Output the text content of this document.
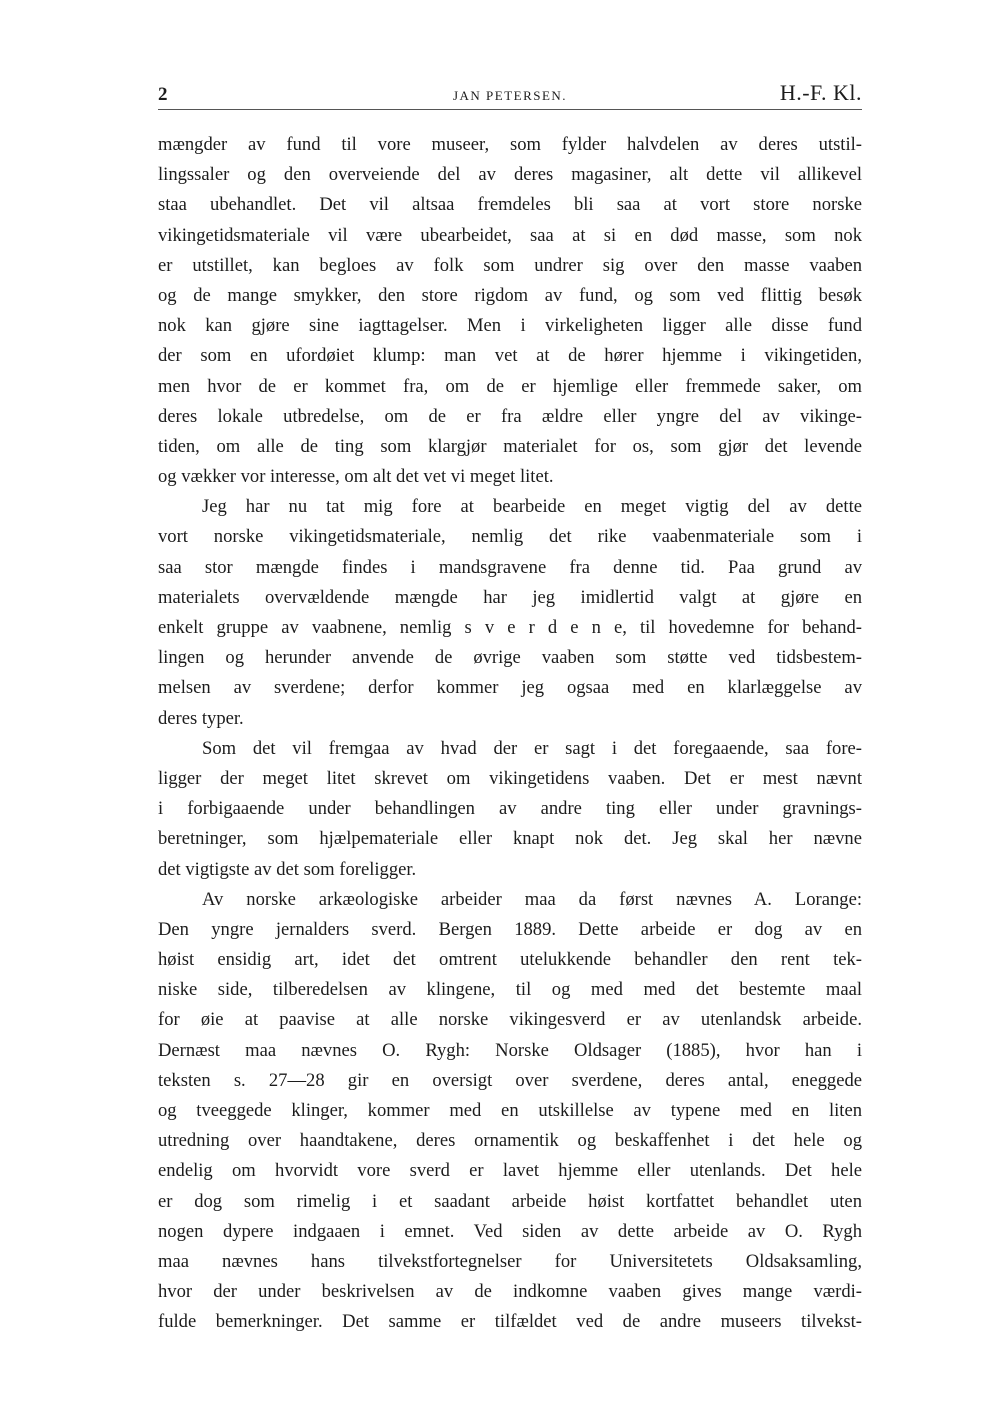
2	JAN PETERSEN.	H.-F. Kl.
mængder av fund til vore museer, som fylder halvdelen av deres utstil-
lingssaler og den overveiende del av deres magasiner, alt dette vil allikevel
staa ubehandlet. Det vil altsaa fremdeles bli saa at vort store norske
vikingetidsmateriale vil være ubearbeidet, saa at si en død masse, som nok
er utstillet, kan begloes av folk som undrer sig over den masse vaaben
og de mange smykker, den store rigdom av fund, og som ved flittig besøk
nok kan gjøre sine iagttagelser. Men i virkeligheten ligger alle disse fund
der som en ufordøiet klump: man vet at de hører hjemme i vikingetiden,
men hvor de er kommet fra, om de er hjemlige eller fremmede saker, om
deres lokale utbredelse, om de er fra ældre eller yngre del av vikinge-
tiden, om alle de ting som klargjør materialet for os, som gjør det levende
og vækker vor interesse, om alt det vet vi meget litet.
Jeg har nu tat mig fore at bearbeide en meget vigtig del av dette
vort norske vikingetidsmateriale, nemlig det rike vaabenmateriale som i
saa stor mængde findes i mandsgravene fra denne tid. Paa grund av
materialets overvældende mængde har jeg imidlertid valgt at gjøre en
enkelt gruppe av vaabnene, nemlig s v e r d e n e, til hovedemne for behand-
lingen og herunder anvende de øvrige vaaben som støtte ved tidsbestem-
melsen av sverdene; derfor kommer jeg ogsaa med en klarlæggelse av
deres typer.
Som det vil fremgaa av hvad der er sagt i det foregaaende, saa fore-
ligger der meget litet skrevet om vikingetidens vaaben. Det er mest nævnt
i forbigaaende under behandlingen av andre ting eller under gravnings-
beretninger, som hjælpemateriale eller knapt nok det. Jeg skal her nævne
det vigtigste av det som foreligger.
Av norske arkæologiske arbeider maa da først nævnes A. Lorange:
Den yngre jernalders sverd. Bergen 1889. Dette arbeide er dog av en
høist ensidig art, idet det omtrent utelukkende behandler den rent tek-
niske side, tilberedelsen av klingene, til og med med det bestemte maal
for øie at paavise at alle norske vikingesverd er av utenlandsk arbeide.
Dernæst maa nævnes O. Rygh: Norske Oldsager (1885), hvor han i
teksten s. 27—28 gir en oversigt over sverdene, deres antal, eneggede
og tveeggede klinger, kommer med en utskillelse av typene med en liten
utredning over haandtakene, deres ornamentik og beskaffenhet i det hele og
endelig om hvorvidt vore sverd er lavet hjemme eller utenlands. Det hele
er dog som rimelig i et saadant arbeide høist kortfattet behandlet uten
nogen dypere indgaaen i emnet. Ved siden av dette arbeide av O. Rygh
maa nævnes hans tilvekstfortegnelser for Universitetets Oldsaksamling,
hvor der under beskrivelsen av de indkomne vaaben gives mange værdi-
fulde bemerkninger. Det samme er tilfældet ved de andre museers tilvekst-
